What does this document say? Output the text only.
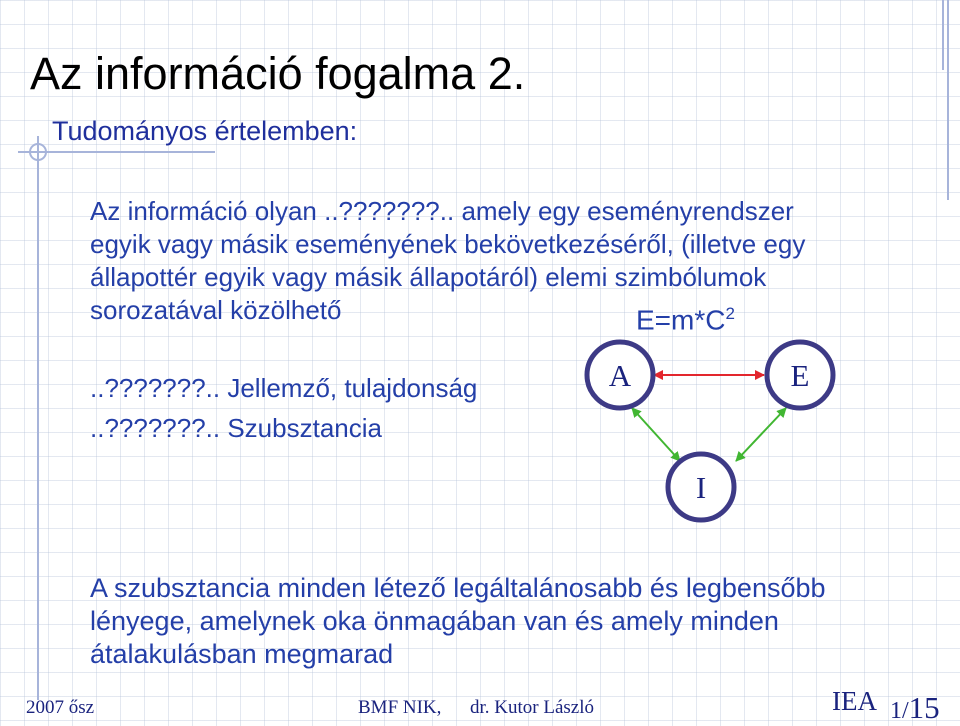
Az információ fogalma 2.
Tudományos értelemben:
Az információ olyan ..???????.. amely egy eseményrendszer
egyik vagy másik eseményének bekövetkezéséről, (illetve egy
állapottér egyik vagy másik állapotáról) elemi szimbólumok
sorozatával közölhető	$E=m*C^2$
..???????.. Jellemző, tulajdonság
..???????.. Szubsztancia
A	E
I
A szubsztancia minden létező legáltalánosabb és legbensőbb
lényege, amelynek oka önmagában van és amely minden
átalakulásban megmarad
2007 ősz	BMF NIK, dr. Kutor László	IEA 1/15
